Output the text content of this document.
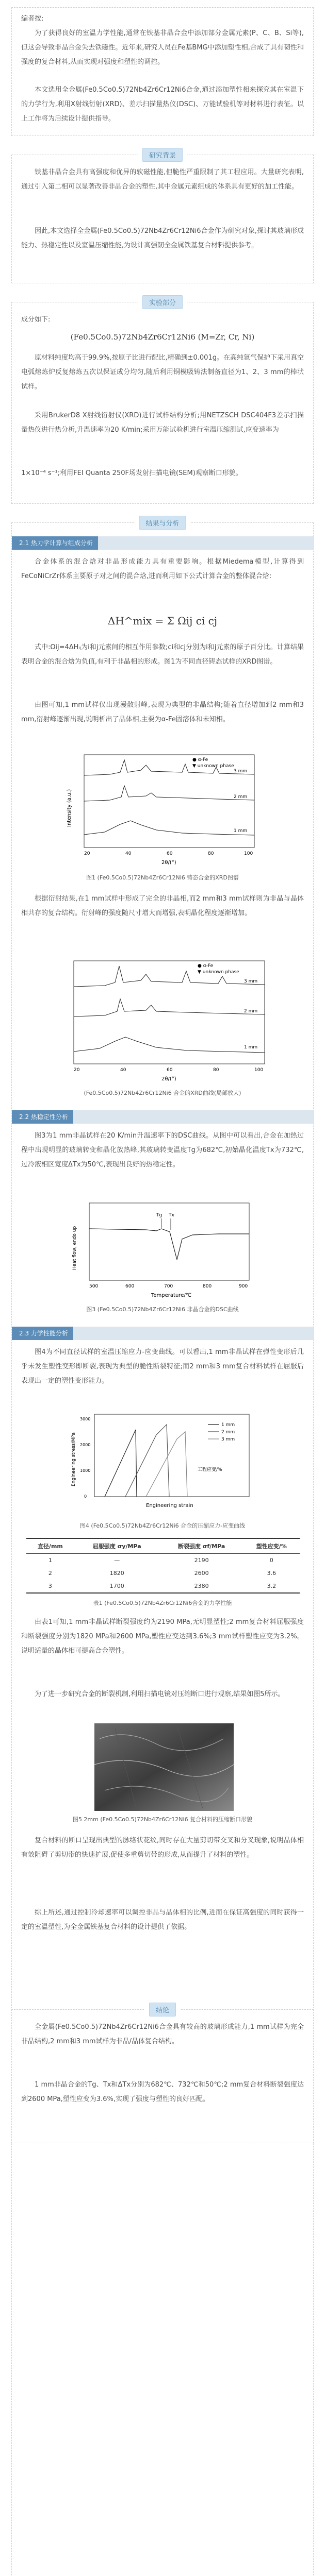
编者按:

为了获得良好的室温力学性能,通常在铁基非晶合金中添加部分金属元素(P、C、B、Si等),但这会导致非晶合金失去铁磁性。近年来,研究人员在Fe基BMG中添加塑性相,合成了具有韧性和强度的复合材料,从而实现对强度和塑性的调控。

本文选用全金属(Fe0.5Co0.5)72Nb4Zr6Cr12Ni6合金,通过添加塑性相来探究其在室温下的力学行为,利用X射线衍射(XRD)、差示扫描量热仪(DSC)、万能试验机等对材料进行表征。以上工作将为后续设计提供指导。

研究背景

铁基非晶合金具有高强度和优异的软磁性能,但脆性严重限制了其工程应用。大量研究表明,通过引入第二相可以显著改善非晶合金的塑性,其中金属元素组成的体系具有更好的加工性能。

因此,本文选择全金属(Fe0.5Co0.5)72Nb4Zr6Cr12Ni6合金作为研究对象,探讨其玻璃形成能力、热稳定性以及室温压缩性能,为设计高强韧全金属铁基复合材料提供参考。

实验部分

成分如下:

(Fe0.5Co0.5)72Nb4Zr6Cr12Ni6 (M=Zr, Cr, Ni)

原材料纯度均高于99.9%,按原子比进行配比,精确到±0.001g。在高纯氩气保护下采用真空电弧熔炼炉反复熔炼五次以保证成分均匀,随后利用铜模吸铸法制备直径为1、2、3 mm的棒状试样。

采用BrukerD8 X射线衍射仪(XRD)进行试样结构分析;用NETZSCH DSC404F3差示扫描量热仪进行热分析,升温速率为20 K/min;采用万能试验机进行室温压缩测试,应变速率为

1×10⁻⁴ s⁻¹;利用FEI Quanta 250F场发射扫描电镜(SEM)观察断口形貌。

结果与分析
2.1 热力学计算与组成分析

合金体系的混合焓对非晶形成能力具有重要影响。根据Miedema模型,计算得到FeCoNiCrZr体系主要原子对之间的混合焓,进而利用如下公式计算合金的整体混合焓:

ΔH^mix = Σ Ωij ci cj

式中:Ωij=4ΔHᵢⱼ为i和j元素间的相互作用参数;ci和cj分别为i和j元素的原子百分比。计算结果表明合金的混合焓为负值,有利于非晶相的形成。图1为不同直径铸态试样的XRD图谱。

由图可知,1 mm试样仅出现漫散射峰,表现为典型的非晶结构;随着直径增加到2 mm和3 mm,衍射峰逐渐出现,说明析出了晶体相,主要为α-Fe固溶体和未知相。

3 mm
2 mm
1 mm
● α-Fe
▼ unknown phase
20	40	60	80	100
2θ/(°)
Intensity (a.u.)
图1 (Fe0.5Co0.5)72Nb4Zr6Cr12Ni6 铸态合金的XRD图谱

根据衍射结果,在1 mm试样中形成了完全的非晶相,而2 mm和3 mm试样则为非晶与晶体相共存的复合结构。衍射峰的强度随尺寸增大而增强,表明晶化程度逐渐增加。

3 mm
2 mm
1 mm
● α-Fe
▼ unknown phase
20	40	60	80	100
2θ/(°)
(Fe0.5Co0.5)72Nb4Zr6Cr12Ni6 合金的XRD曲线(局部放大)
2.2 热稳定性分析

图3为1 mm非晶试样在20 K/min升温速率下的DSC曲线。从图中可以看出,合金在加热过程中出现明显的玻璃转变和晶化放热峰,其玻璃转变温度Tg为682℃,初始晶化温度Tx为732℃,过冷液相区宽度ΔTx为50℃,表现出良好的热稳定性。

Tg Tx
500	600	700	800	900
Temperature/℃
Heat flow, endo up
图3 (Fe0.5Co0.5)72Nb4Zr6Cr12Ni6 非晶合金的DSC曲线
2.3 力学性能分析

图4为不同直径试样的室温压缩应力-应变曲线。可以看出,1 mm非晶试样在弹性变形后几乎未发生塑性变形即断裂,表现为典型的脆性断裂特征;而2 mm和3 mm复合材料试样在屈服后表现出一定的塑性变形能力。

1 mm
2 mm
3 mm
工程应变/%
0
1000
2000
3000
Engineering strain
Engineering stress/MPa
图4 (Fe0.5Co0.5)72Nb4Zr6Cr12Ni6 合金的压缩应力-应变曲线
直径/mm	屈服强度 σy/MPa	断裂强度 σf/MPa	塑性应变/%
1	—	2190	0
2	1820	2600	3.6
3	1700	2380	3.2
表1 (Fe0.5Co0.5)72Nb4Zr6Cr12Ni6合金的力学性能

由表1可知,1 mm非晶试样断裂强度约为2190 MPa,无明显塑性;2 mm复合材料屈服强度和断裂强度分别为1820 MPa和2600 MPa,塑性应变达到3.6%;3 mm试样塑性应变为3.2%。说明适量的晶体相可提高合金塑性。

为了进一步研究合金的断裂机制,利用扫描电镜对压缩断口进行观察,结果如图5所示。

图5 2mm (Fe0.5Co0.5)72Nb4Zr6Cr12Ni6 复合材料的压缩断口形貌

复合材料的断口呈现出典型的脉络状花纹,同时存在大量剪切带交叉和分叉现象,说明晶体相有效阻碍了剪切带的快速扩展,促使多重剪切带的形成,从而提升了材料的塑性。

综上所述,通过控制冷却速率可以调控非晶与晶体相的比例,进而在保证高强度的同时获得一定的室温塑性,为全金属铁基复合材料的设计提供了依据。

结论

全金属(Fe0.5Co0.5)72Nb4Zr6Cr12Ni6合金具有较高的玻璃形成能力,1 mm试样为完全非晶结构,2 mm和3 mm试样为非晶/晶体复合结构。

1 mm非晶合金的Tg、Tx和ΔTx分别为682℃、732℃和50℃;2 mm复合材料断裂强度达到2600 MPa,塑性应变为3.6%,实现了强度与塑性的良好匹配。
